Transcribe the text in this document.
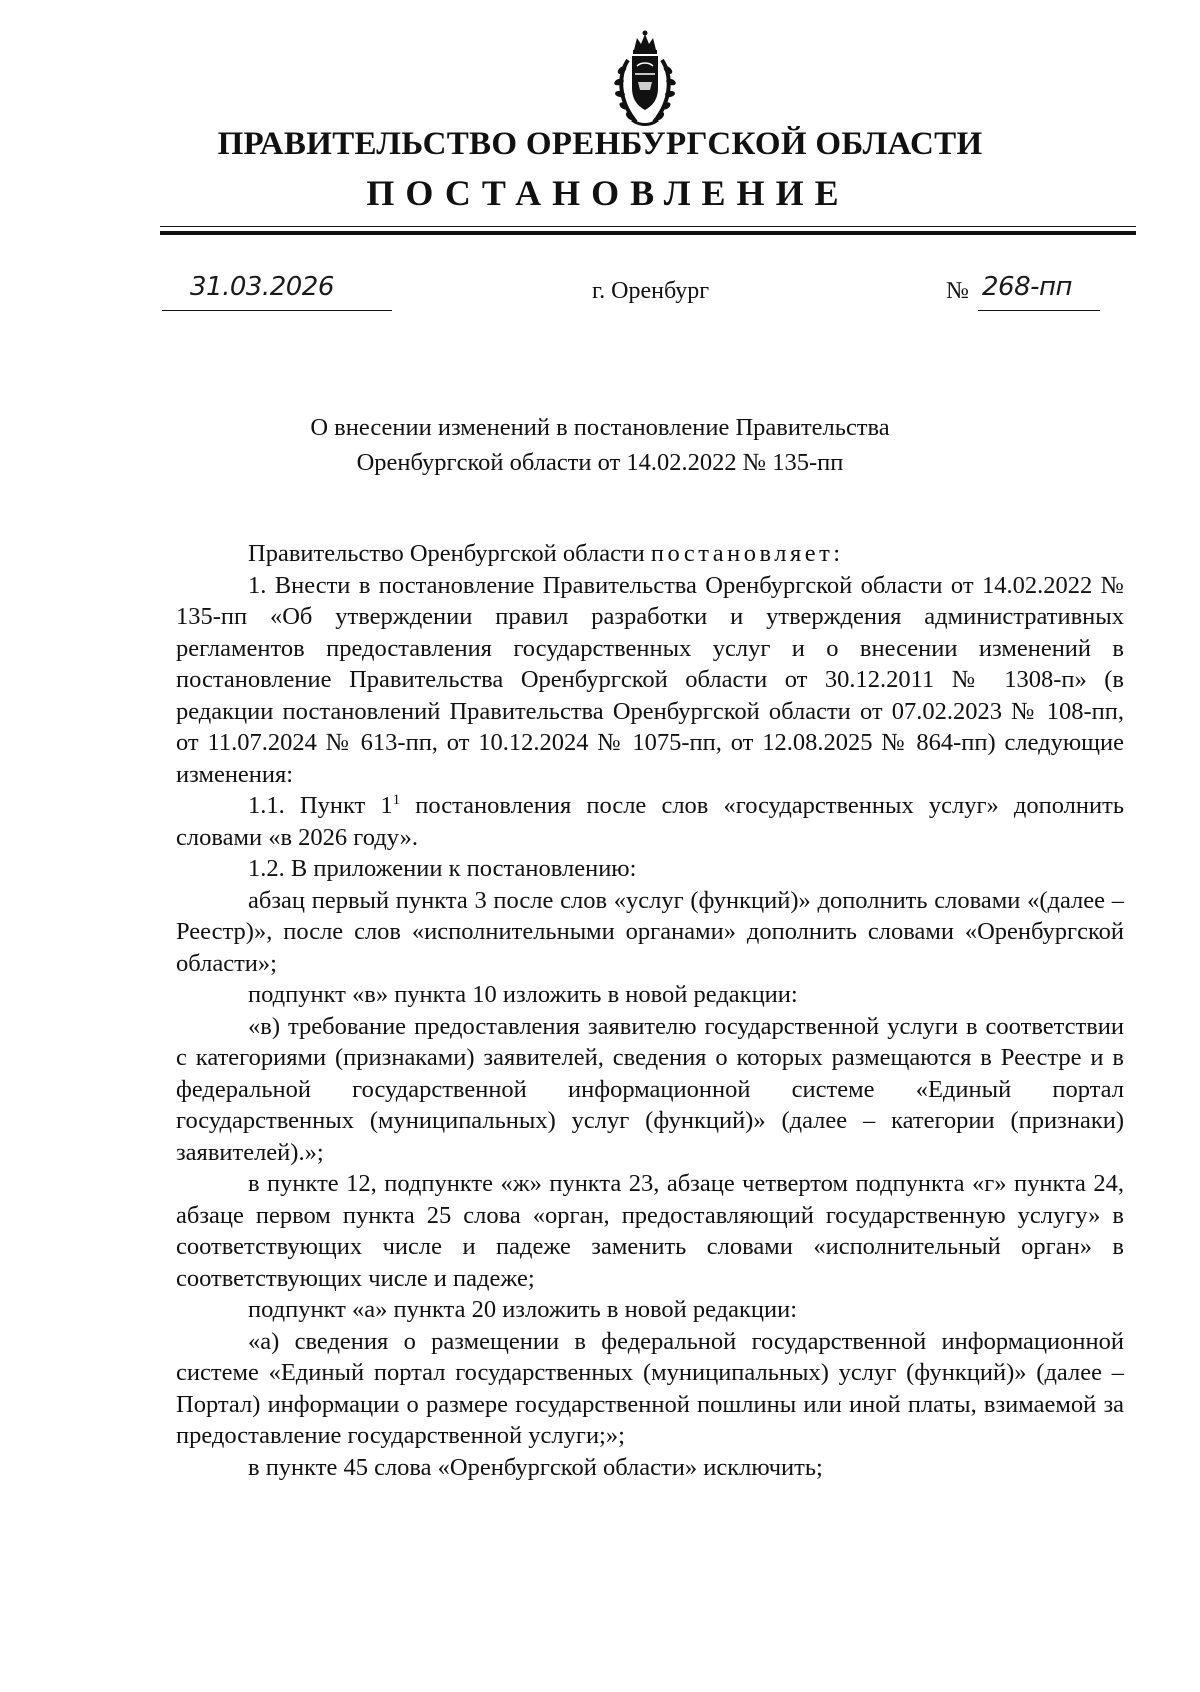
ПРАВИТЕЛЬСТВО ОРЕНБУРГСКОЙ ОБЛАСТИ
ПОСТАНОВЛЕНИЕ
31.03.2026	г. Оренбург	№ 268-пп
О внесении изменений в постановление Правительства
Оренбургской области от 14.02.2022 № 135-пп

Правительство Оренбургской области постановляет:

1. Внести в постановление Правительства Оренбургской области от 14.02.2022 № 135-пп «Об утверждении правил разработки и утверждения административных регламентов предоставления государственных услуг и о внесении изменений в постановление Правительства Оренбургской области от 30.12.2011 № 1308-п» (в редакции постановлений Правительства Оренбургской области от 07.02.2023 № 108-пп, от 11.07.2024 № 613-пп, от 10.12.2024 № 1075-пп, от 12.08.2025 № 864-пп) следующие изменения:

1.1. Пункт $1^1$ постановления после слов «государственных услуг» дополнить словами «в 2026 году».

1.2. В приложении к постановлению:

абзац первый пункта 3 после слов «услуг (функций)» дополнить словами «(далее – Реестр)», после слов «исполнительными органами» дополнить словами «Оренбургской области»;

подпункт «в» пункта 10 изложить в новой редакции:

«в) требование предоставления заявителю государственной услуги в соответствии с категориями (признаками) заявителей, сведения о которых размещаются в Реестре и в федеральной государственной информационной системе «Единый портал государственных (муниципальных) услуг (функций)» (далее – категории (признаки) заявителей).»;

в пункте 12, подпункте «ж» пункта 23, абзаце четвертом подпункта «г» пункта 24, абзаце первом пункта 25 слова «орган, предоставляющий государственную услугу» в соответствующих числе и падеже заменить словами «исполнительный орган» в соответствующих числе и падеже;

подпункт «а» пункта 20 изложить в новой редакции:

«а) сведения о размещении в федеральной государственной информационной системе «Единый портал государственных (муниципальных) услуг (функций)» (далее – Портал) информации о размере государственной пошлины или иной платы, взимаемой за предоставление государственной услуги;»;

в пункте 45 слова «Оренбургской области» исключить;
